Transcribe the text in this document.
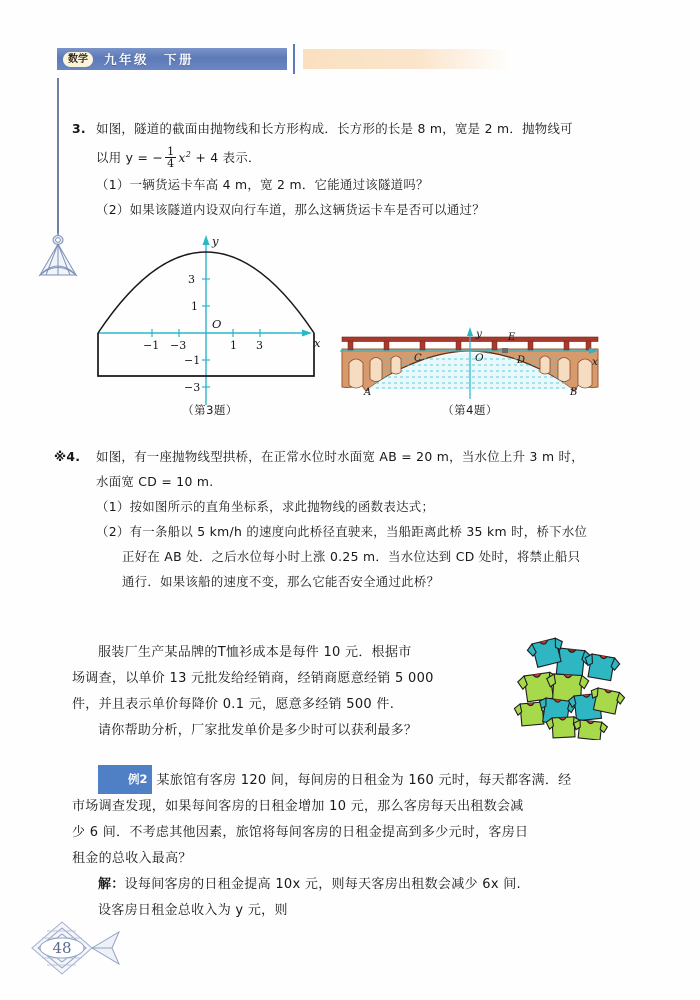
数学	九年级　下册
3. 如图，隧道的截面由抛物线和长方形构成．长方形的长是 8 m，宽是 2 m．抛物线可
以用 y = − $\frac{1}{4} x^2 + 4$ 表示．
（1）一辆货运卡车高 4 m，宽 2 m．它能通过该隧道吗？
（2）如果该隧道内设双向行车道，那么这辆货运卡车是否可以通过？
−3
−1	1 3
3
1
−1
−3
O
x
y
（第3题）
A	B
C	D
E
O	x
y
（第4题）
※4. 如图，有一座抛物线型拱桥，在正常水位时水面宽 AB = 20 m，当水位上升 3 m 时，
水面宽 CD = 10 m.
（1）按如图所示的直角坐标系，求此抛物线的函数表达式；
（2）有一条船以 5 km/h 的速度向此桥径直驶来，当船距离此桥 35 km 时，桥下水位
正好在 AB 处．之后水位每小时上涨 0.25 m．当水位达到 CD 处时，将禁止船只
通行．如果该船的速度不变，那么它能否安全通过此桥？

服装厂生产某品牌的T恤衫成本是每件 10 元．根据市

场调查，以单价 13 元批发给经销商，经销商愿意经销 5 000

件，并且表示单价每降价 0.1 元，愿意多经销 500 件.

请你帮助分析，厂家批发单价是多少时可以获利最多？

例2 某旅馆有客房 120 间，每间房的日租金为 160 元时，每天都客满．经

市场调查发现，如果每间客房的日租金增加 10 元，那么客房每天出租数会减

少 6 间．不考虑其他因素，旅馆将每间客房的日租金提高到多少元时，客房日

租金的总收入最高？

解：设每间客房的日租金提高 10x 元，则每天客房出租数会减少 6x 间.

设客房日租金总收入为 y 元，则

48
